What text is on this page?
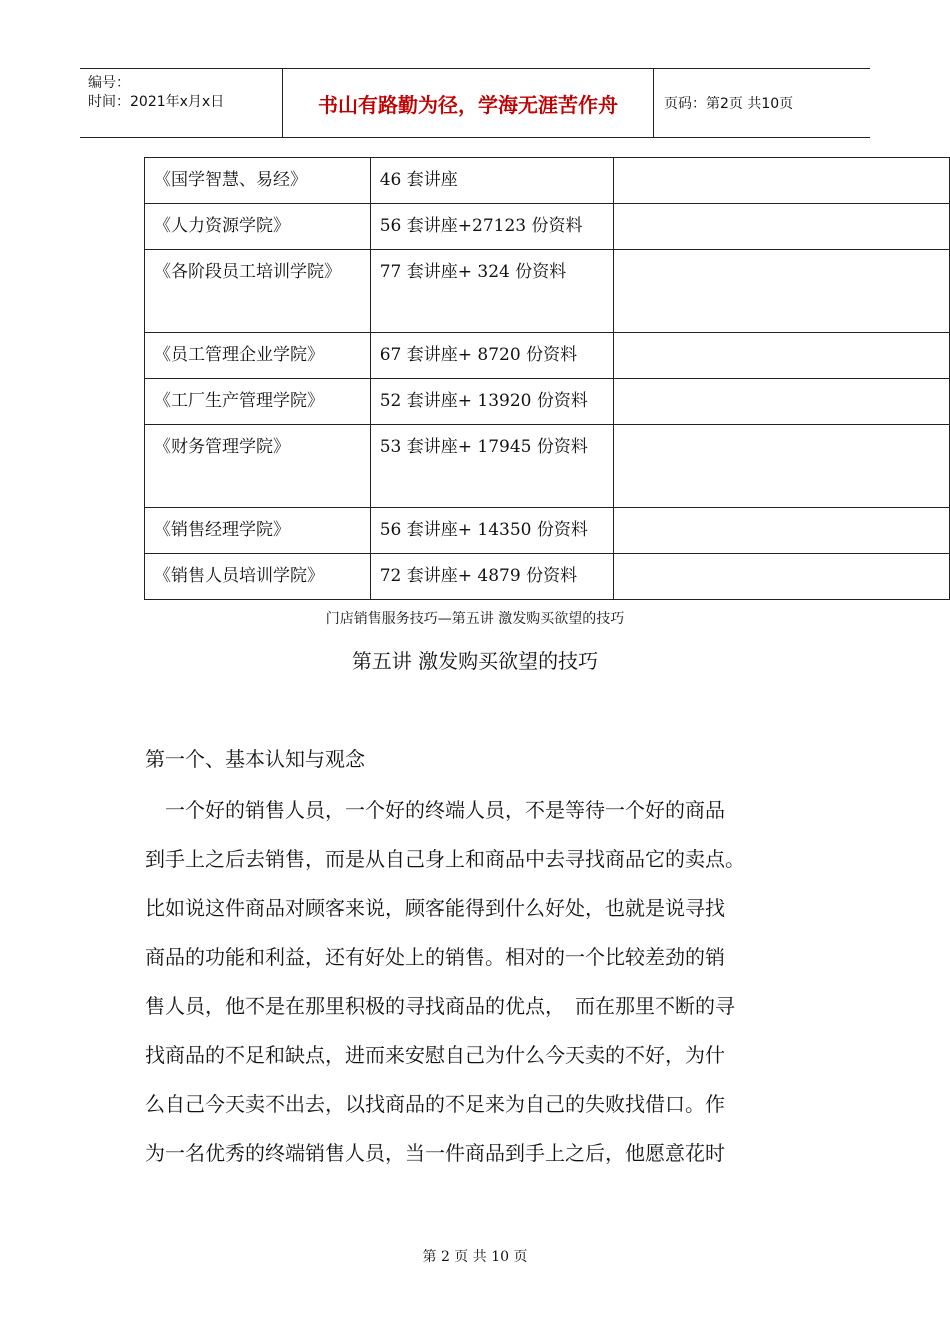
编号：
时间：2021年x月x日	书山有路勤为径，学海无涯苦作舟	页码：第2页 共10页
《国学智慧、易经》	46 套讲座	
《人力资源学院》	56 套讲座+27123 份资料	
《各阶段员工培训学院》	77 套讲座+ 324 份资料	
《员工管理企业学院》	67 套讲座+ 8720 份资料	
《工厂生产管理学院》	52 套讲座+ 13920 份资料	
《财务管理学院》	53 套讲座+ 17945 份资料	
《销售经理学院》	56 套讲座+ 14350 份资料	
《销售人员培训学院》	72 套讲座+ 4879 份资料	
门店销售服务技巧—第五讲 激发购买欲望的技巧
第五讲 激发购买欲望的技巧
第一个、基本认知与观念
　一个好的销售人员，一个好的终端人员，不是等待一个好的商品
到手上之后去销售，而是从自己身上和商品中去寻找商品它的卖点。
比如说这件商品对顾客来说，顾客能得到什么好处，也就是说寻找
商品的功能和利益，还有好处上的销售。相对的一个比较差劲的销
售人员，他不是在那里积极的寻找商品的优点，　而在那里不断的寻
找商品的不足和缺点，进而来安慰自己为什么今天卖的不好，为什
么自己今天卖不出去，以找商品的不足来为自己的失败找借口。作
为一名优秀的终端销售人员，当一件商品到手上之后，他愿意花时
第 2 页 共 10 页
